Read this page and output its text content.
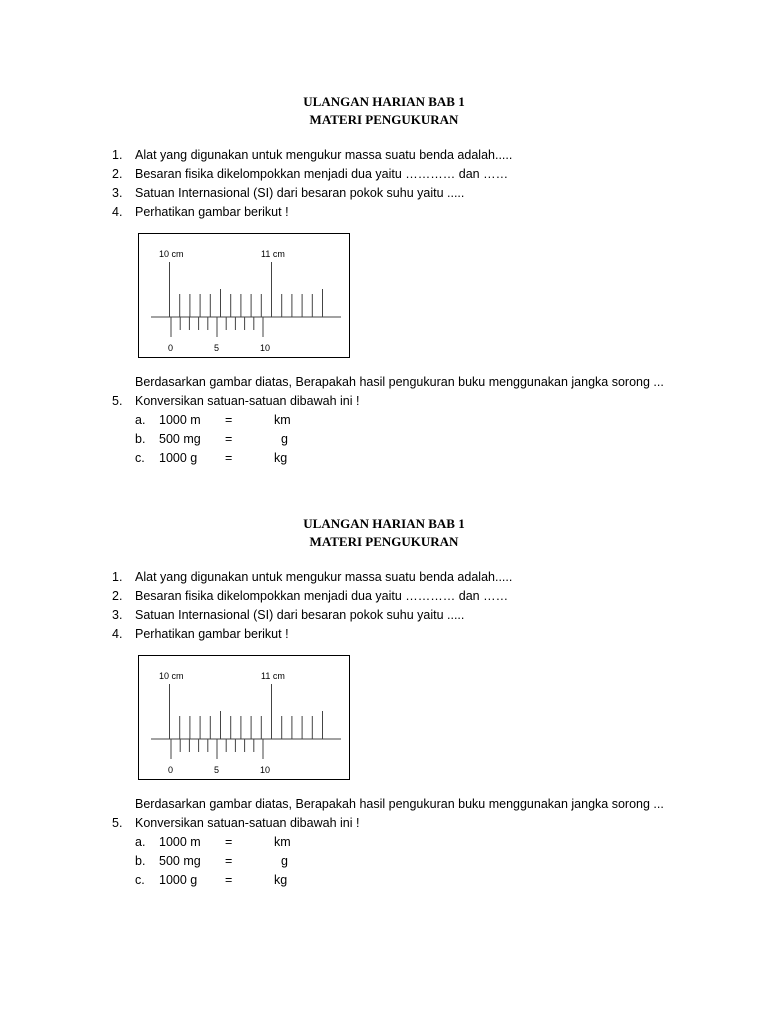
ULANGAN HARIAN BAB 1
MATERI PENGUKURAN
1. Alat yang digunakan untuk mengukur massa suatu benda adalah.....
2. Besaran fisika dikelompokkan menjadi dua yaitu ………… dan ……
3. Satuan Internasional (SI) dari besaran pokok suhu yaitu .....
4. Perhatikan gambar berikut !
10 cm	11 cm
0	5	10
Berdasarkan gambar diatas, Berapakah hasil pengukuran buku menggunakan jangka sorong ...
5. Konversikan satuan-satuan dibawah ini !
a. 1000 m =	km
b. 500 mg =	g
c. 1000 g =	kg
ULANGAN HARIAN BAB 1
MATERI PENGUKURAN
1. Alat yang digunakan untuk mengukur massa suatu benda adalah.....
2. Besaran fisika dikelompokkan menjadi dua yaitu ………… dan ……
3. Satuan Internasional (SI) dari besaran pokok suhu yaitu .....
4. Perhatikan gambar berikut !
10 cm	11 cm
0	5	10
Berdasarkan gambar diatas, Berapakah hasil pengukuran buku menggunakan jangka sorong ...
5. Konversikan satuan-satuan dibawah ini !
a. 1000 m =	km
b. 500 mg =	g
c. 1000 g =	kg
